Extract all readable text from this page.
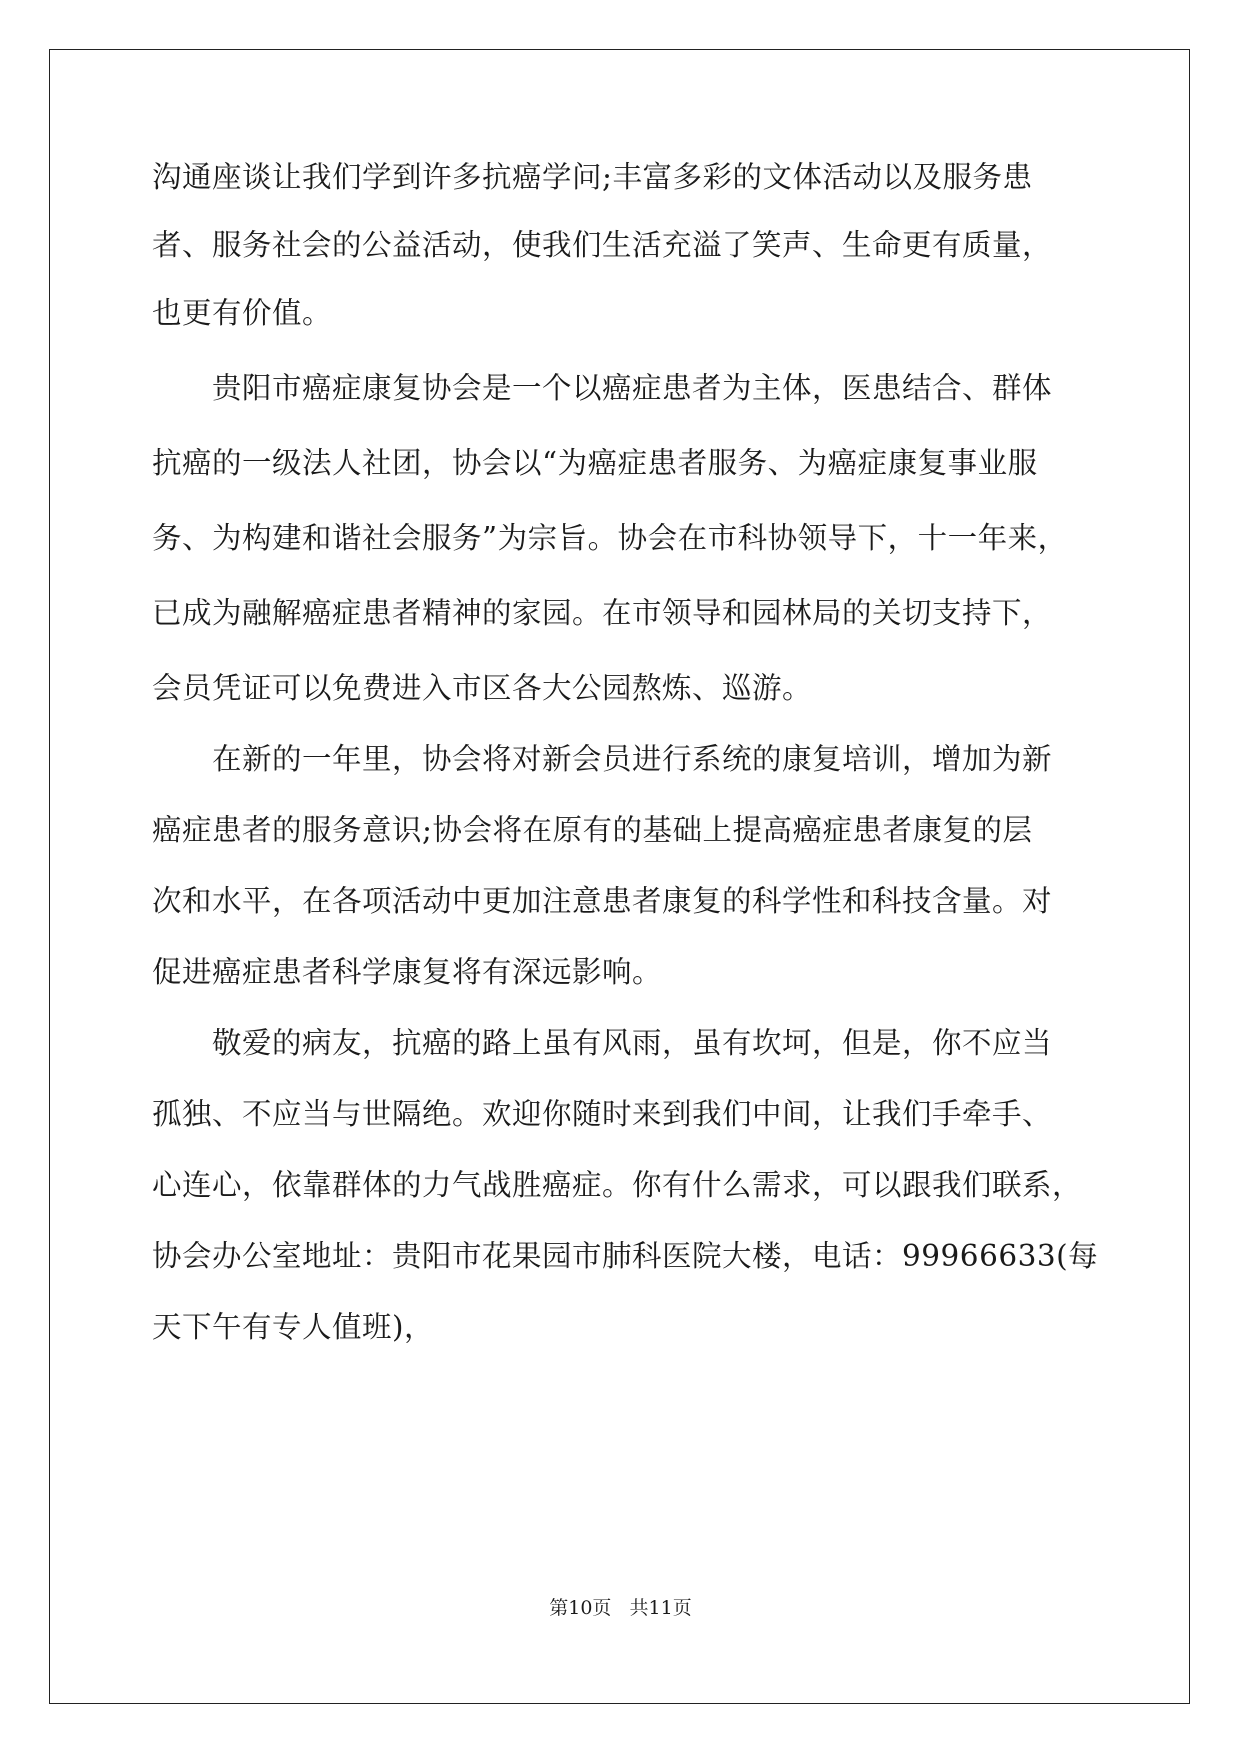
沟通座谈让我们学到许多抗癌学问;丰富多彩的文体活动以及服务患
者、服务社会的公益活动，使我们生活充溢了笑声、生命更有质量，
也更有价值。
贵阳市癌症康复协会是一个以癌症患者为主体，医患结合、群体
抗癌的一级法人社团，协会以“为癌症患者服务、为癌症康复事业服
务、为构建和谐社会服务”为宗旨。协会在市科协领导下，十一年来，
已成为融解癌症患者精神的家园。在市领导和园林局的关切支持下，
会员凭证可以免费进入市区各大公园熬炼、巡游。
在新的一年里，协会将对新会员进行系统的康复培训，增加为新
癌症患者的服务意识;协会将在原有的基础上提高癌症患者康复的层
次和水平，在各项活动中更加注意患者康复的科学性和科技含量。对
促进癌症患者科学康复将有深远影响。
敬爱的病友，抗癌的路上虽有风雨，虽有坎坷，但是，你不应当
孤独、不应当与世隔绝。欢迎你随时来到我们中间，让我们手牵手、
心连心，依靠群体的力气战胜癌症。你有什么需求，可以跟我们联系，
协会办公室地址：贵阳市花果园市肺科医院大楼，电话：99966633(每
天下午有专人值班)，
第10页   共11页
